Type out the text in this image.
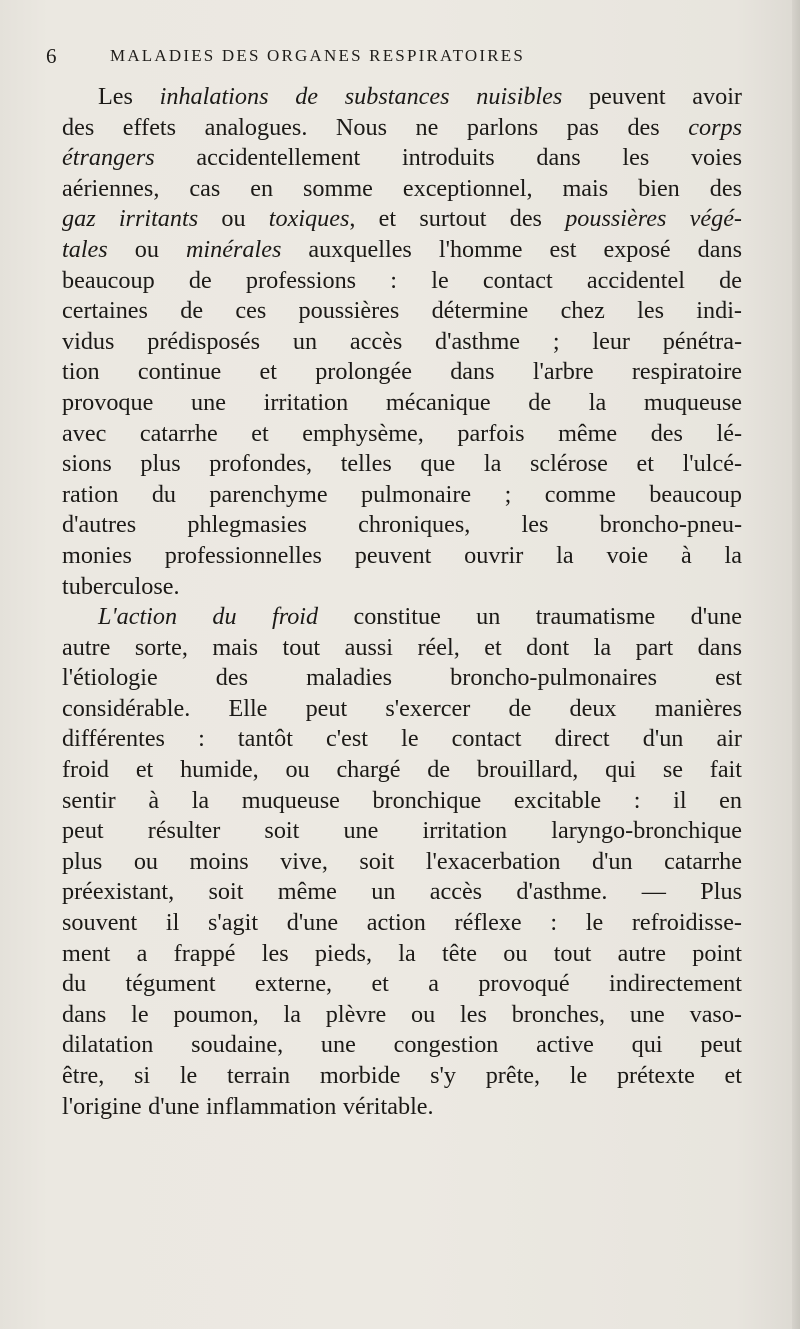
6	MALADIES DES ORGANES RESPIRATOIRES
Les inhalations de substances nuisibles peuvent avoir
des effets analogues. Nous ne parlons pas des corps
étrangers accidentellement introduits dans les voies
aériennes, cas en somme exceptionnel, mais bien des
gaz irritants ou toxiques, et surtout des poussières végé-
tales ou minérales auxquelles l'homme est exposé dans
beaucoup de professions : le contact accidentel de
certaines de ces poussières détermine chez les indi-
vidus prédisposés un accès d'asthme ; leur pénétra-
tion continue et prolongée dans l'arbre respiratoire
provoque une irritation mécanique de la muqueuse
avec catarrhe et emphysème, parfois même des lé-
sions plus profondes, telles que la sclérose et l'ulcé-
ration du parenchyme pulmonaire ; comme beaucoup
d'autres phlegmasies chroniques, les broncho-pneu-
monies professionnelles peuvent ouvrir la voie à la
tuberculose.
L'action du froid constitue un traumatisme d'une
autre sorte, mais tout aussi réel, et dont la part dans
l'étiologie des maladies broncho-pulmonaires est
considérable. Elle peut s'exercer de deux manières
différentes : tantôt c'est le contact direct d'un air
froid et humide, ou chargé de brouillard, qui se fait
sentir à la muqueuse bronchique excitable : il en
peut résulter soit une irritation laryngo-bronchique
plus ou moins vive, soit l'exacerbation d'un catarrhe
préexistant, soit même un accès d'asthme. — Plus
souvent il s'agit d'une action réflexe : le refroidisse-
ment a frappé les pieds, la tête ou tout autre point
du tégument externe, et a provoqué indirectement
dans le poumon, la plèvre ou les bronches, une vaso-
dilatation soudaine, une congestion active qui peut
être, si le terrain morbide s'y prête, le prétexte et
l'origine d'une inflammation véritable.
